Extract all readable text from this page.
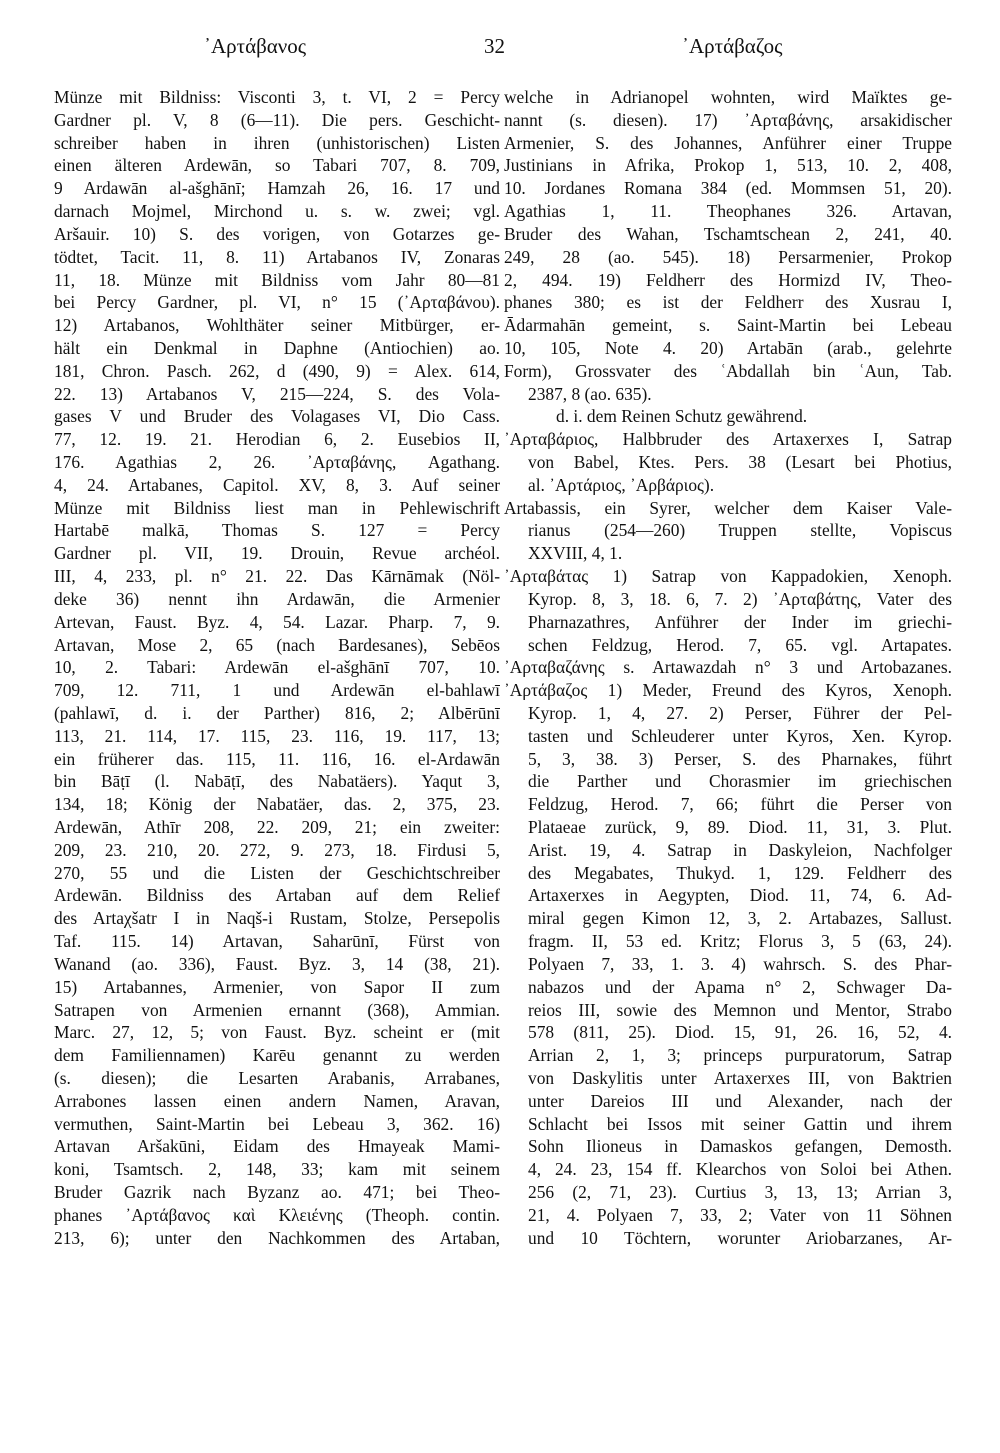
᾿Αρτάβανος	32	᾿Αρτάβαζος
Münze mit Bildniss: Visconti 3, t. VI, 2 = Percy
Gardner pl. V, 8 (6—11). Die pers. Geschicht-
schreiber haben in ihren (unhistorischen) Listen
einen älteren Ardewān, so Tabari 707, 8. 709,
9 Ardawān al-ašghānī; Hamzah 26, 16. 17 und
darnach Mojmel, Mirchond u. s. w. zwei; vgl.
Aršauir. 10) S. des vorigen, von Gotarzes ge-
tödtet, Tacit. 11, 8. 11) Artabanos IV, Zonaras
11, 18. Münze mit Bildniss vom Jahr 80—81
bei Percy Gardner, pl. VI, n° 15 (᾿Αρταβάνου).
12) Artabanos, Wohlthäter seiner Mitbürger, er-
hält ein Denkmal in Daphne (Antiochien) ao.
181, Chron. Pasch. 262, d (490, 9) = Alex. 614,
22. 13) Artabanos V, 215—224, S. des Vola-
gases V und Bruder des Volagases VI, Dio Cass.
77, 12. 19. 21. Herodian 6, 2. Eusebios II,
176. Agathias 2, 26. ᾿Αρταβάνης, Agathang.
4, 24. Artabanes, Capitol. XV, 8, 3. Auf seiner
Münze mit Bildniss liest man in Pehlewischrift
Hartabē malkā, Thomas S. 127 = Percy
Gardner pl. VII, 19. Drouin, Revue archéol.
III, 4, 233, pl. n° 21. 22. Das Kārnāmak (Nöl-
deke 36) nennt ihn Ardawān, die Armenier
Artevan, Faust. Byz. 4, 54. Lazar. Pharp. 7, 9.
Artavan, Mose 2, 65 (nach Bardesanes), Sebēos
10, 2. Tabari: Ardewān el-ašghānī 707, 10.
709, 12. 711, 1 und Ardewān el-bahlawī
(pahlawī, d. i. der Parther) 816, 2; Albērūnī
113, 21. 114, 17. 115, 23. 116, 19. 117, 13;
ein früherer das. 115, 11. 116, 16. el-Ardawān
bin Bāṭī (l. Nabāṭī, des Nabatäers). Yaqut 3,
134, 18; König der Nabatäer, das. 2, 375, 23.
Ardewān, Athīr 208, 22. 209, 21; ein zweiter:
209, 23. 210, 20. 272, 9. 273, 18. Firdusi 5,
270, 55 und die Listen der Geschichtschreiber
Ardewān. Bildniss des Artaban auf dem Relief
des Artaχšatr I in Naqš-i Rustam, Stolze, Persepolis
Taf. 115. 14) Artavan, Saharūnī, Fürst von
Wanand (ao. 336), Faust. Byz. 3, 14 (38, 21).
15) Artabannes, Armenier, von Sapor II zum
Satrapen von Armenien ernannt (368), Ammian.
Marc. 27, 12, 5; von Faust. Byz. scheint er (mit
dem Familiennamen) Karēu genannt zu werden
(s. diesen); die Lesarten Arabanis, Arrabanes,
Arrabones lassen einen andern Namen, Aravan,
vermuthen, Saint-Martin bei Lebeau 3, 362. 16)
Artavan Aršakūni, Eidam des Hmayeak Mami-
koni, Tsamtsch. 2, 148, 33; kam mit seinem
Bruder Gazrik nach Byzanz ao. 471; bei Theo-
phanes ᾿Αρτάβανος καὶ Κλειένης (Theoph. contin.
213, 6); unter den Nachkommen des Artaban,
welche in Adrianopel wohnten, wird Maïktes ge-
nannt (s. diesen). 17) ᾿Αρταβάνης, arsakidischer
Armenier, S. des Johannes, Anführer einer Truppe
Justinians in Afrika, Prokop 1, 513, 10. 2, 408,
10. Jordanes Romana 384 (ed. Mommsen 51, 20).
Agathias 1, 11. Theophanes 326. Artavan,
Bruder des Wahan, Tschamtschean 2, 241, 40.
249, 28 (ao. 545). 18) Persarmenier, Prokop
2, 494. 19) Feldherr des Hormizd IV, Theo-
phanes 380; es ist der Feldherr des Xusrau I,
Ādarmahān gemeint, s. Saint-Martin bei Lebeau
10, 105, Note 4. 20) Artabān (arab., gelehrte
Form), Grossvater des ʿAbdallah bin ʿAun, Tab.
2387, 8 (ao. 635).
d. i. dem Reinen Schutz gewährend.
᾿Αρταβάριος, Halbbruder des Artaxerxes I, Satrap
von Babel, Ktes. Pers. 38 (Lesart bei Photius,
al. ᾿Αρτάριος, ᾿Αρβάριος).
Artabassis, ein Syrer, welcher dem Kaiser Vale-
rianus (254—260) Truppen stellte, Vopiscus
XXVIII, 4, 1.
᾿Αρταβάτας 1) Satrap von Kappadokien, Xenoph.
Kyrop. 8, 3, 18. 6, 7. 2) ᾿Αρταβάτης, Vater des
Pharnazathres, Anführer der Inder im griechi-
schen Feldzug, Herod. 7, 65. vgl. Artapates.
᾿Αρταβαζάνης s. Artawazdah n° 3 und Artobazanes.
᾿Αρτάβαζος 1) Meder, Freund des Kyros, Xenoph.
Kyrop. 1, 4, 27. 2) Perser, Führer der Pel-
tasten und Schleuderer unter Kyros, Xen. Kyrop.
5, 3, 38. 3) Perser, S. des Pharnakes, führt
die Parther und Chorasmier im griechischen
Feldzug, Herod. 7, 66; führt die Perser von
Plataeae zurück, 9, 89. Diod. 11, 31, 3. Plut.
Arist. 19, 4. Satrap in Daskyleion, Nachfolger
des Megabates, Thukyd. 1, 129. Feldherr des
Artaxerxes in Aegypten, Diod. 11, 74, 6. Ad-
miral gegen Kimon 12, 3, 2. Artabazes, Sallust.
fragm. II, 53 ed. Kritz; Florus 3, 5 (63, 24).
Polyaen 7, 33, 1. 3. 4) wahrsch. S. des Phar-
nabazos und der Apama n° 2, Schwager Da-
reios III, sowie des Memnon und Mentor, Strabo
578 (811, 25). Diod. 15, 91, 26. 16, 52, 4.
Arrian 2, 1, 3; princeps purpuratorum, Satrap
von Daskylitis unter Artaxerxes III, von Baktrien
unter Dareios III und Alexander, nach der
Schlacht bei Issos mit seiner Gattin und ihrem
Sohn Ilioneus in Damaskos gefangen, Demosth.
4, 24. 23, 154 ff. Klearchos von Soloi bei Athen.
256 (2, 71, 23). Curtius 3, 13, 13; Arrian 3,
21, 4. Polyaen 7, 33, 2; Vater von 11 Söhnen
und 10 Töchtern, worunter Ariobarzanes, Ar-
